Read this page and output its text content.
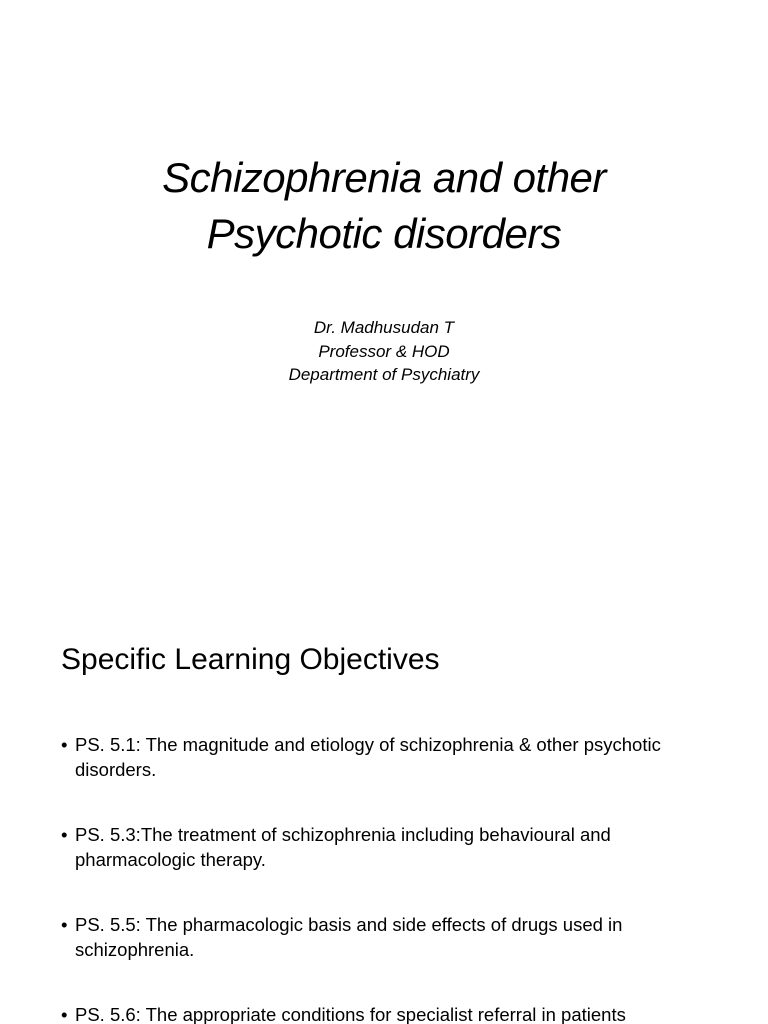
Schizophrenia and other
Psychotic disorders
Dr. Madhusudan T
Professor & HOD
Department of Psychiatry
Specific Learning Objectives
• PS. 5.1: The magnitude and etiology of schizophrenia & other psychotic disorders.
• PS. 5.3:The treatment of schizophrenia including behavioural and pharmacologic therapy.
• PS. 5.5: The pharmacologic basis and side effects of drugs used in schizophrenia.
• PS. 5.6: The appropriate conditions for specialist referral in patients
